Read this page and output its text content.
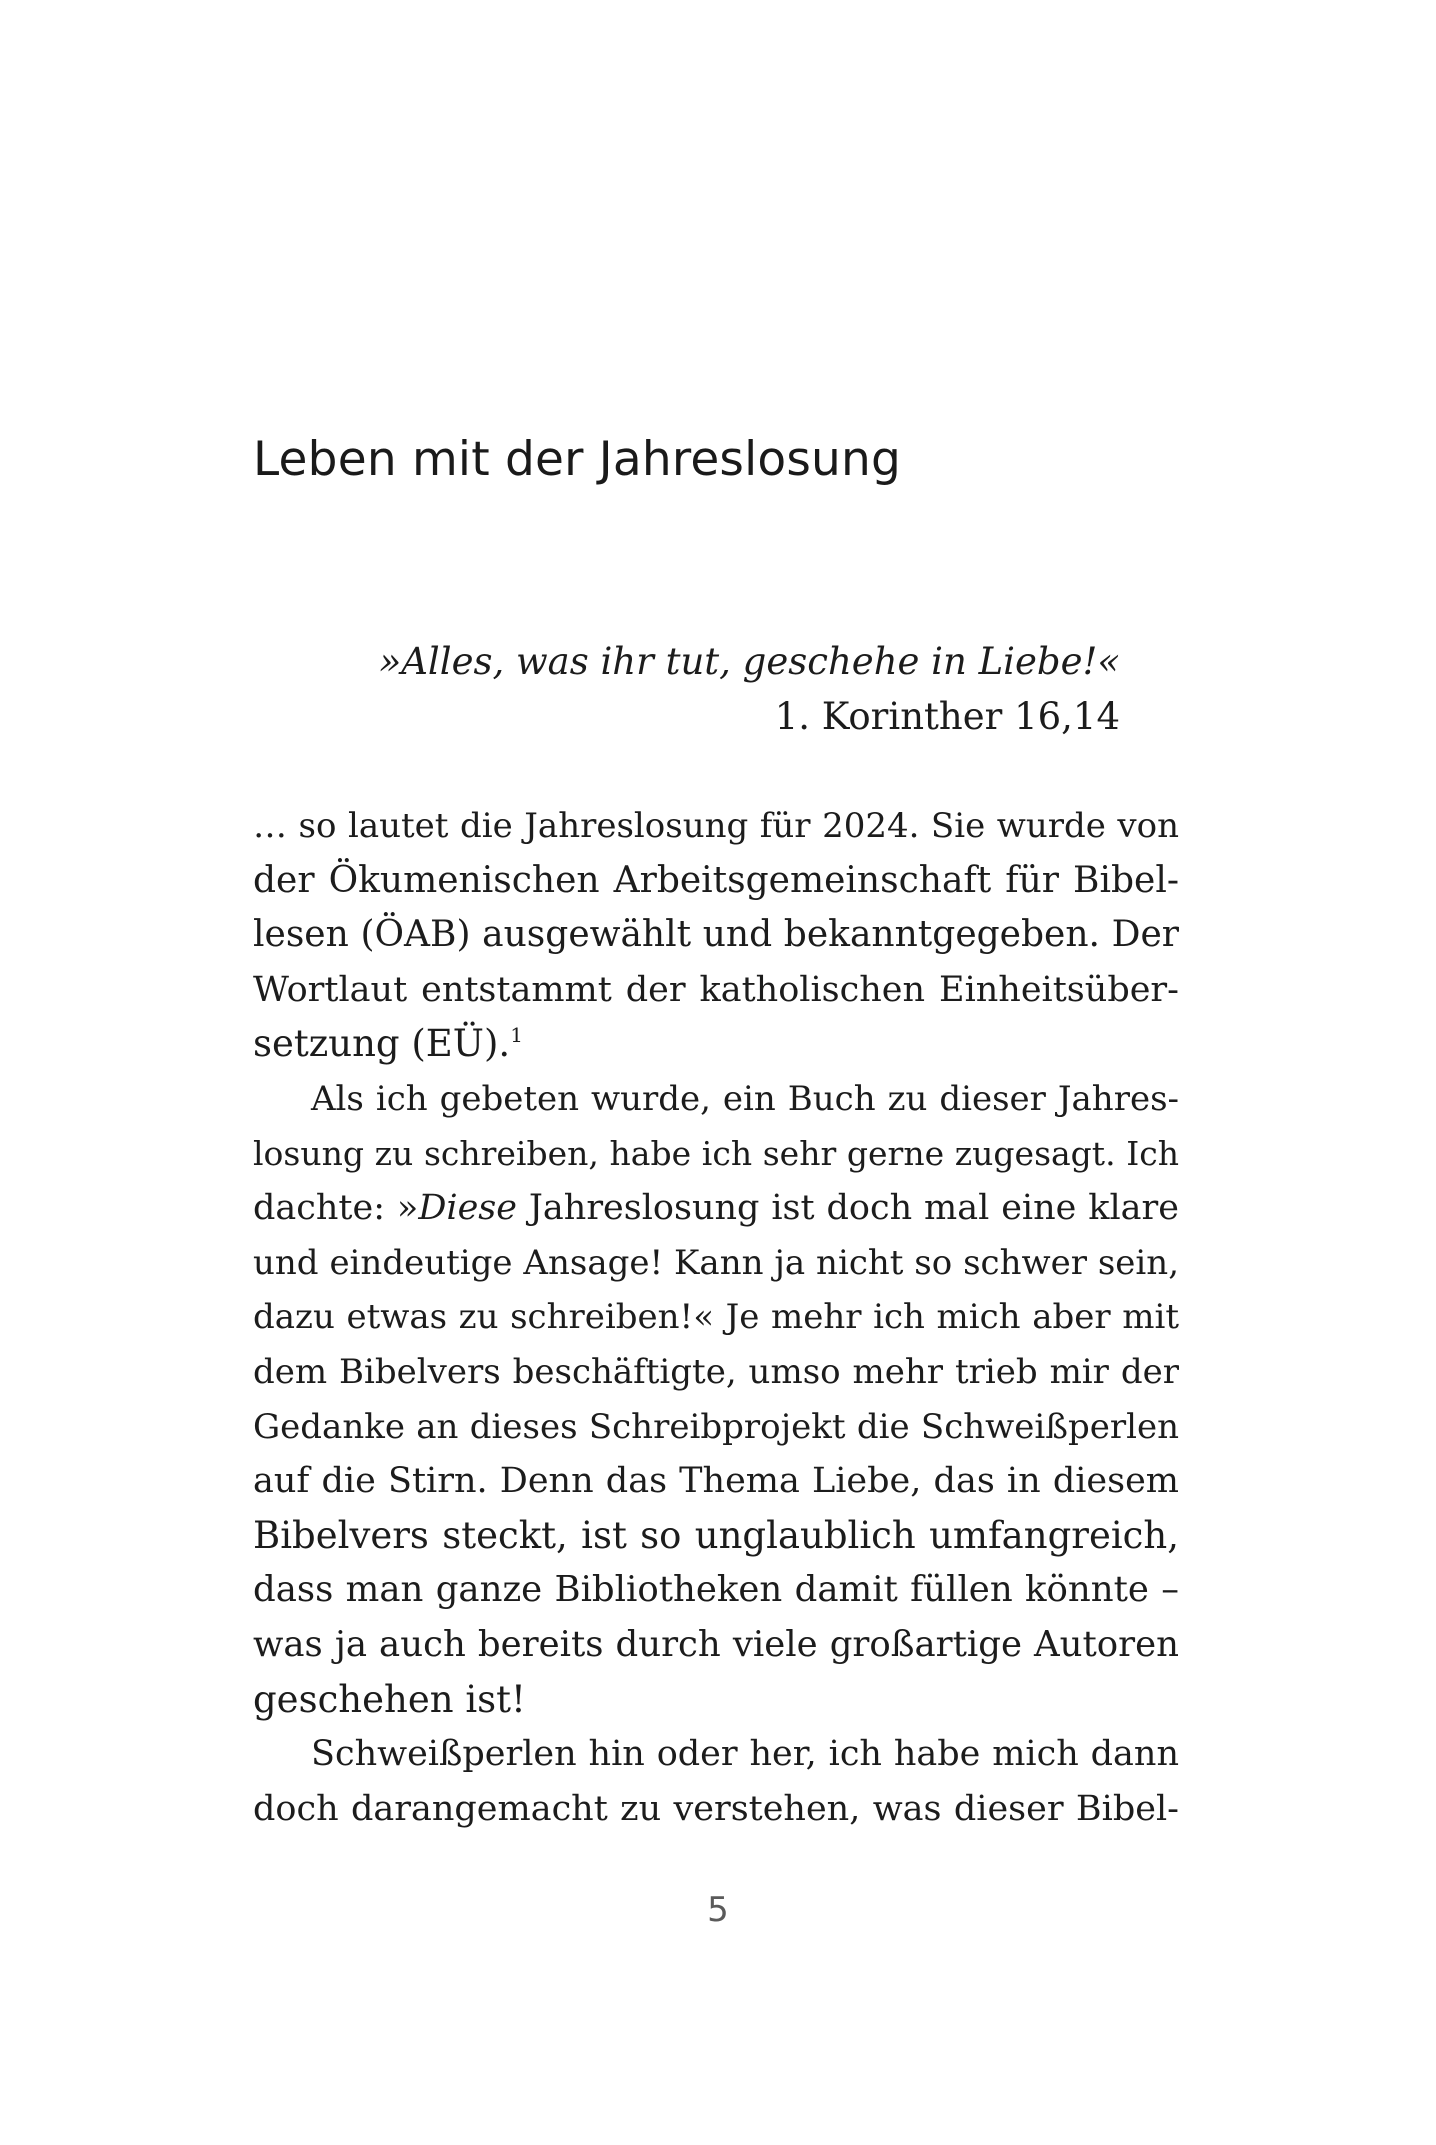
Leben mit der Jahreslosung
»Alles, was ihr tut, geschehe in Liebe!«
1. Korinther 16,14

… so lautet die Jahreslosung für 2024. Sie wurde von
der Ökumenischen Arbeitsgemeinschaft für Bibel-
lesen (ÖAB) ausgewählt und bekanntgegeben. Der
Wortlaut entstammt der katholischen Einheitsüber-
setzung (EÜ).$^1$

Als ich gebeten wurde, ein Buch zu dieser Jahres-
losung zu schreiben, habe ich sehr gerne zugesagt. Ich
dachte: »Diese Jahreslosung ist doch mal eine klare
und eindeutige Ansage! Kann ja nicht so schwer sein,
dazu etwas zu schreiben!« Je mehr ich mich aber mit
dem Bibelvers beschäftigte, umso mehr trieb mir der
Gedanke an dieses Schreibprojekt die Schweißperlen
auf die Stirn. Denn das Thema Liebe, das in diesem
Bibelvers steckt, ist so unglaublich umfangreich,
dass man ganze Bibliotheken damit füllen könnte –
was ja auch bereits durch viele großartige Autoren
geschehen ist!

Schweißperlen hin oder her, ich habe mich dann
doch darangemacht zu verstehen, was dieser Bibel-

5
